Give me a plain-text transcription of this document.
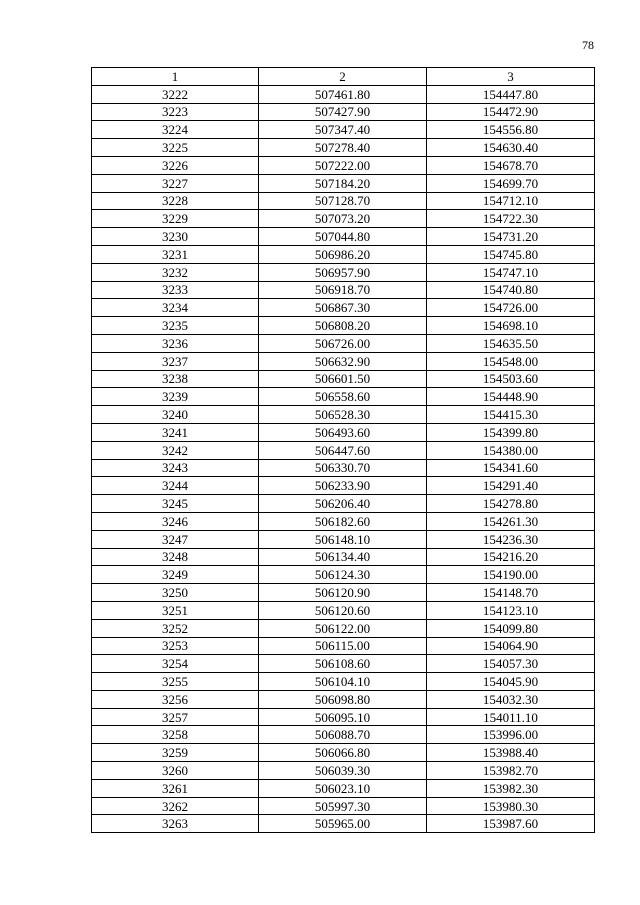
78
1	2	3
3222	507461.80	154447.80
3223	507427.90	154472.90
3224	507347.40	154556.80
3225	507278.40	154630.40
3226	507222.00	154678.70
3227	507184.20	154699.70
3228	507128.70	154712.10
3229	507073.20	154722.30
3230	507044.80	154731.20
3231	506986.20	154745.80
3232	506957.90	154747.10
3233	506918.70	154740.80
3234	506867.30	154726.00
3235	506808.20	154698.10
3236	506726.00	154635.50
3237	506632.90	154548.00
3238	506601.50	154503.60
3239	506558.60	154448.90
3240	506528.30	154415.30
3241	506493.60	154399.80
3242	506447.60	154380.00
3243	506330.70	154341.60
3244	506233.90	154291.40
3245	506206.40	154278.80
3246	506182.60	154261.30
3247	506148.10	154236.30
3248	506134.40	154216.20
3249	506124.30	154190.00
3250	506120.90	154148.70
3251	506120.60	154123.10
3252	506122.00	154099.80
3253	506115.00	154064.90
3254	506108.60	154057.30
3255	506104.10	154045.90
3256	506098.80	154032.30
3257	506095.10	154011.10
3258	506088.70	153996.00
3259	506066.80	153988.40
3260	506039.30	153982.70
3261	506023.10	153982.30
3262	505997.30	153980.30
3263	505965.00	153987.60
